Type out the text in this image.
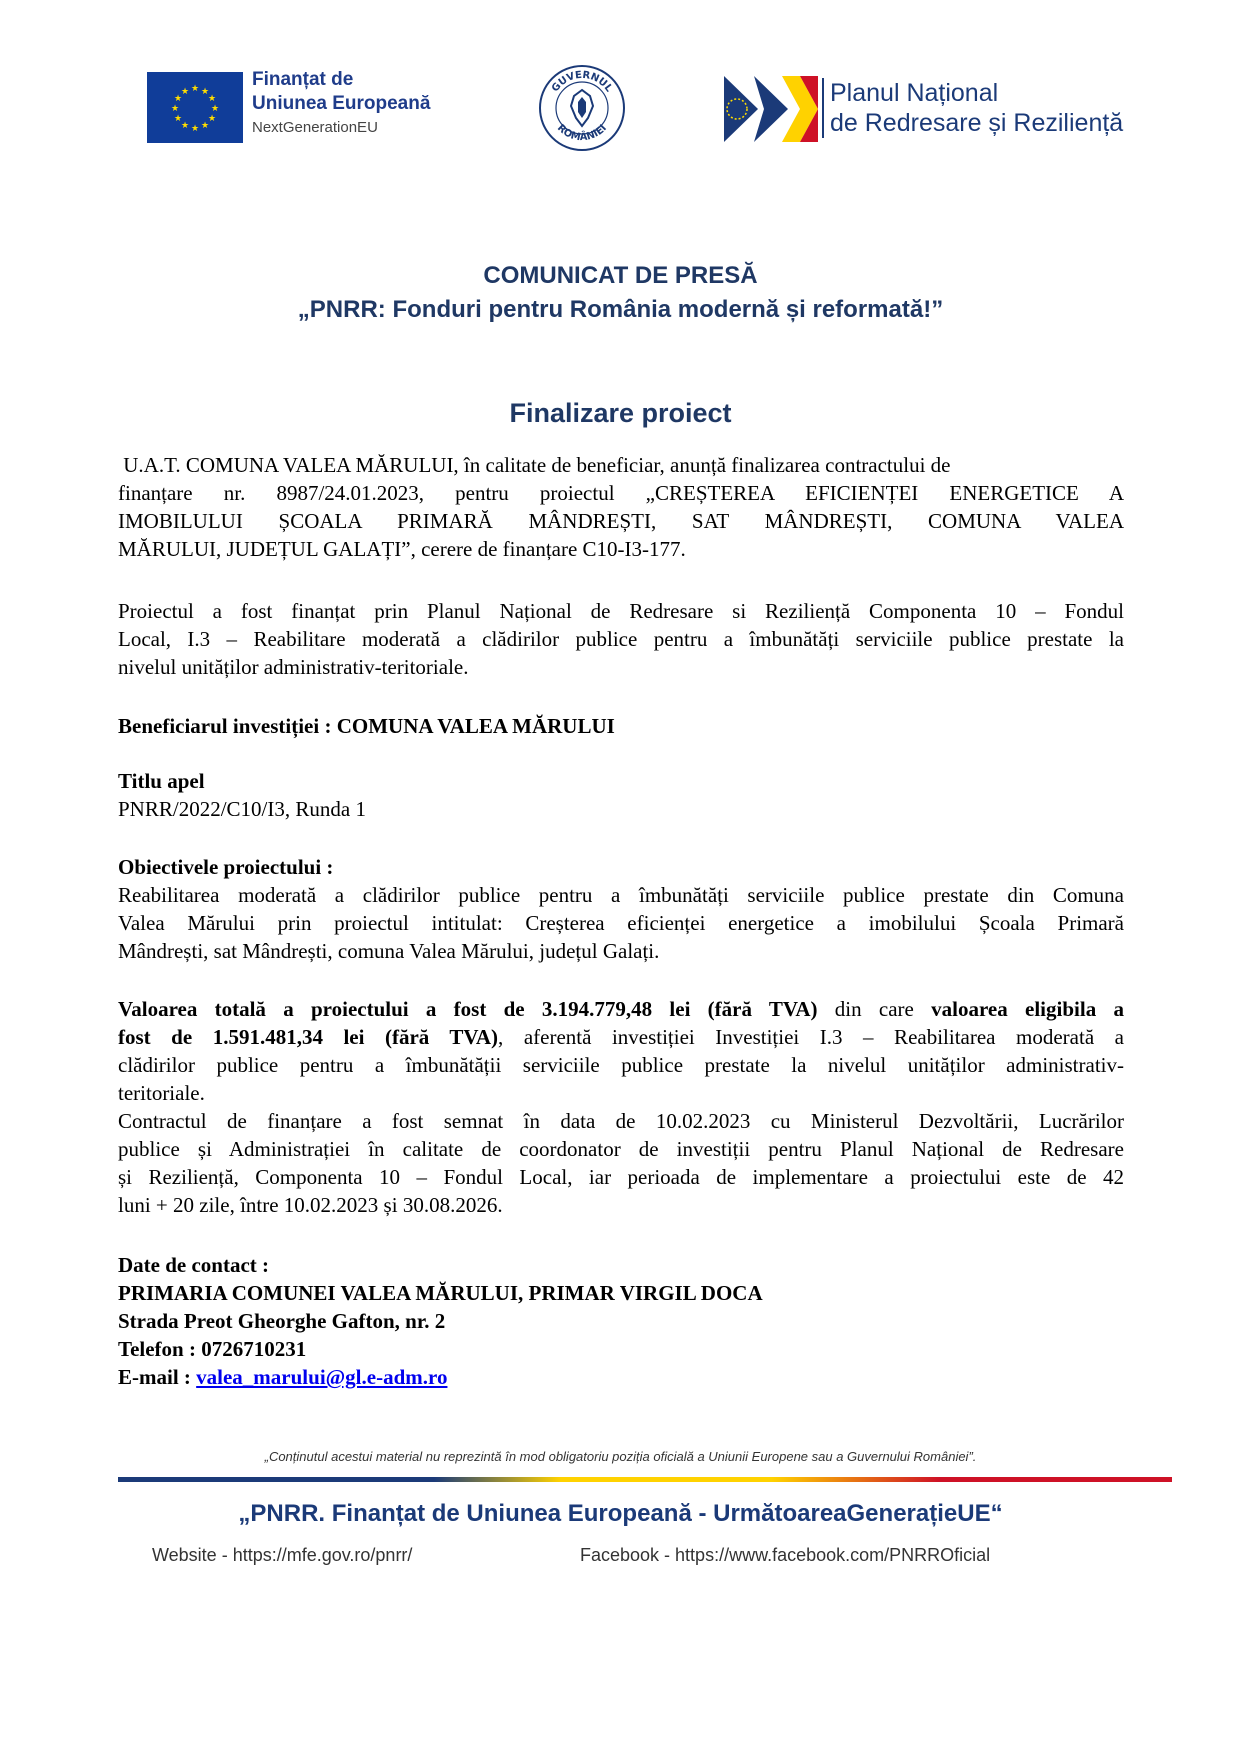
★ ★
★
★
★
★
★
★
★
★
★
★
Finanțat de
Uniunea Europeană
NextGenerationEU
GUVERNUL
ROMÂNIEI
Planul Național
de Redresare și Reziliență
COMUNICAT DE PRESĂ
„PNRR: Fonduri pentru România modernă și reformată!”
Finalizare proiect
U.A.T. COMUNA VALEA MĂRULUI, în calitate de beneficiar, anunță finalizarea contractului de
finanțare nr. 8987/24.01.2023, pentru proiectul „CREȘTEREA EFICIENȚEI ENERGETICE A
IMOBILULUI ȘCOALA PRIMARĂ MÂNDREȘTI, SAT MÂNDREȘTI, COMUNA VALEA
MĂRULUI, JUDEȚUL GALAȚI”, cerere de finanțare C10-I3-177.
Proiectul a fost finanțat prin Planul Național de Redresare si Reziliență Componenta 10 – Fondul
Local, I.3 – Reabilitare moderată a clădirilor publice pentru a îmbunătăți serviciile publice prestate la
nivelul unităților administrativ-teritoriale.
Beneficiarul investiției : COMUNA VALEA MĂRULUI
Titlu apel
PNRR/2022/C10/I3, Runda 1
Obiectivele proiectului :
Reabilitarea moderată a clădirilor publice pentru a îmbunătăți serviciile publice prestate din Comuna
Valea Mărului prin proiectul intitulat: Creșterea eficienței energetice a imobilului Școala Primară
Mândrești, sat Mândrești, comuna Valea Mărului, județul Galați.
Valoarea totală a proiectului a fost de 3.194.779,48 lei (fără TVA) din care valoarea eligibila a
fost de 1.591.481,34 lei (fără TVA), aferentă investiției Investiției I.3 – Reabilitarea moderată a
clădirilor publice pentru a îmbunătății serviciile publice prestate la nivelul unităților administrativ-
teritoriale.
Contractul de finanțare a fost semnat în data de 10.02.2023 cu Ministerul Dezvoltării, Lucrărilor
publice și Administrației în calitate de coordonator de investiții pentru Planul Național de Redresare
și Reziliență, Componenta 10 – Fondul Local, iar perioada de implementare a proiectului este de 42
luni + 20 zile, între 10.02.2023 și 30.08.2026.
Date de contact :
PRIMARIA COMUNEI VALEA MĂRULUI, PRIMAR VIRGIL DOCA
Strada Preot Gheorghe Gafton, nr. 2
Telefon : 0726710231
E-mail : valea_marului@gl.e-adm.ro
„Conținutul acestui material nu reprezintă în mod obligatoriu poziția oficială a Uniunii Europene sau a Guvernului României”.
„PNRR. Finanțat de Uniunea Europeană - UrmătoareaGenerațieUE“
Website - https://mfe.gov.ro/pnrr/	Facebook - https://www.facebook.com/PNRROficial
